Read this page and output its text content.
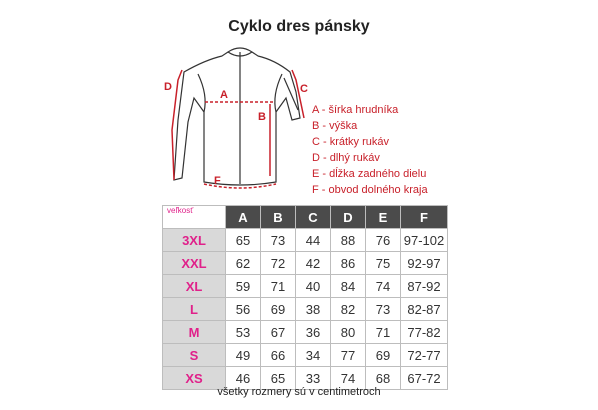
Cyklo dres pánsky
A
B
C
D
F
A - šírka hrudníka
B - výška
C - krátky rukáv
D - dlhý rukáv
E - dĺžka zadného dielu
F - obvod dolného kraja
veľkosť	A	B	C	D	E	F
3XL	65	73	44	88	76	97-102
XXL	62	72	42	86	75	92-97
XL	59	71	40	84	74	87-92
L	56	69	38	82	73	82-87
M	53	67	36	80	71	77-82
S	49	66	34	77	69	72-77
XS	46	65	33	74	68	67-72
všetky rozmery sú v centimetroch
